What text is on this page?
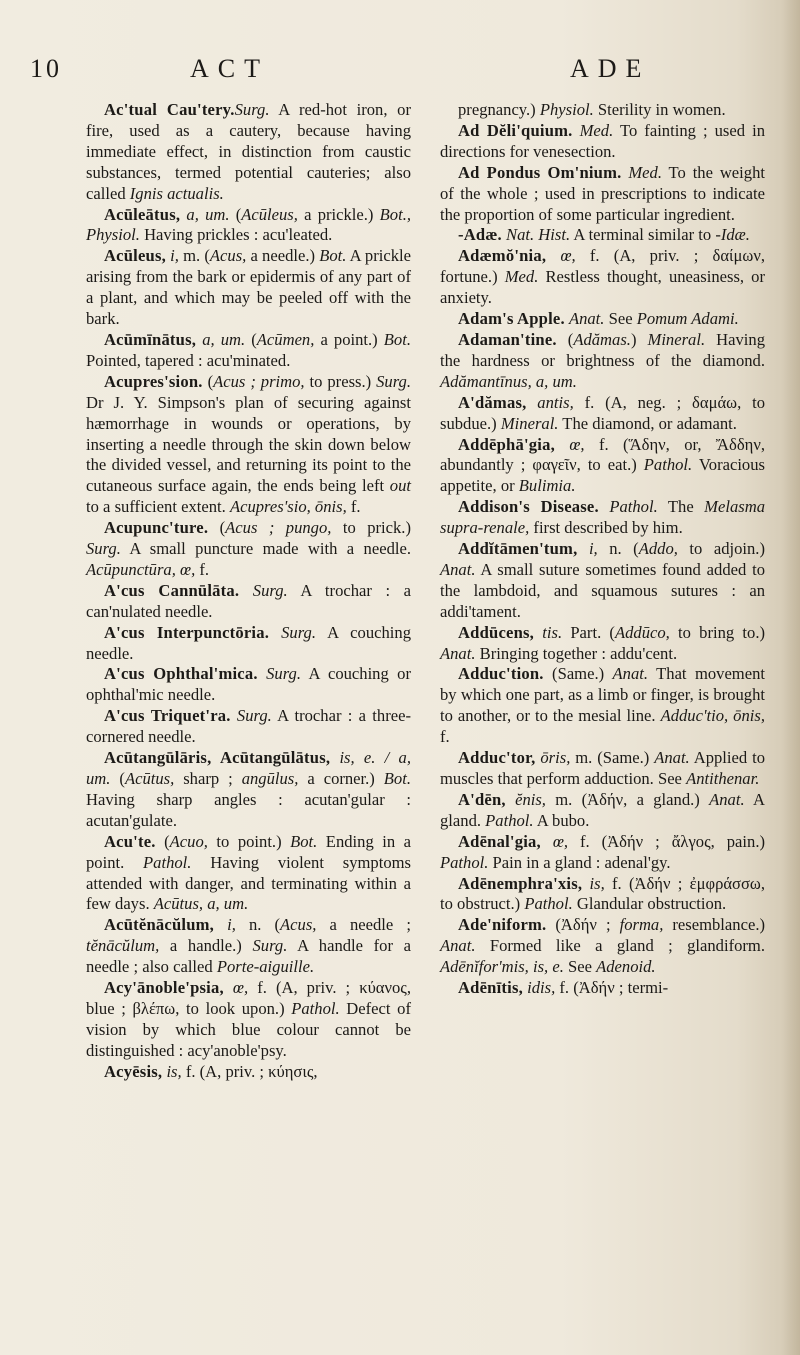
10	ACT	ADE
Ac'tual Cau'tery.Surg. A red-hot iron, or fire, used as a cautery, because having immediate effect, in distinction from caustic substances, termed potential cauteries; also called Ignis actualis.
Acūleātus, a, um. (Acūleus, a prickle.) Bot., Physiol. Having prickles : acu'leated.
Acūleus, i, m. (Acus, a needle.) Bot. A prickle arising from the bark or epidermis of any part of a plant, and which may be peeled off with the bark.
Acūmīnātus, a, um. (Acūmen, a point.) Bot. Pointed, tapered : acu'minated.
Acupres'sion. (Acus ; primo, to press.) Surg. Dr J. Y. Simpson's plan of securing against hæmorrhage in wounds or operations, by inserting a needle through the skin down below the divided vessel, and returning its point to the cutaneous surface again, the ends being left out to a sufficient extent. Acupres'sio, ōnis, f.
Acupunc'ture. (Acus ; pungo, to prick.) Surg. A small puncture made with a needle. Acūpunctūra, œ, f.
A'cus Cannūlāta. Surg. A trochar : a can'nulated needle.
A'cus Interpunctōria. Surg. A couching needle.
A'cus Ophthal'mica. Surg. A couching or ophthal'mic needle.
A'cus Triquet'ra. Surg. A trochar : a three-cornered needle.
Acūtangūlāris, Acūtangūlātus, is, e. / a, um. (Acūtus, sharp ; angūlus, a corner.) Bot. Having sharp angles : acutan'gular : acutan'gulate.
Acu'te. (Acuo, to point.) Bot. Ending in a point. Pathol. Having violent symptoms attended with danger, and terminating within a few days. Acūtus, a, um.
Acūtĕnācŭlum, i, n. (Acus, a needle ; tĕnācŭlum, a handle.) Surg. A handle for a needle ; also called Porte-aiguille.
Acy'ānoble'psia, œ, f. (A, priv. ; κύανος, blue ; βλέπω, to look upon.) Pathol. Defect of vision by which blue colour cannot be distinguished : acy'anoble'psy.
Acyēsis, is, f. (A, priv. ; κύησις,
pregnancy.) Physiol. Sterility in women.
Ad Dĕli'quium. Med. To fainting ; used in directions for venesection.
Ad Pondus Om'nium. Med. To the weight of the whole ; used in prescriptions to indicate the proportion of some particular ingredient.
-Adæ. Nat. Hist. A terminal similar to -Idæ.
Adæmŏ'nia, œ, f. (A, priv. ; δαίμων, fortune.) Med. Restless thought, uneasiness, or anxiety.
Adam's Apple. Anat. See Pomum Adami.
Adaman'tine. (Adămas.) Mineral. Having the hardness or brightness of the diamond. Adămantīnus, a, um.
A'dămas, antis, f. (A, neg. ; δαμάω, to subdue.) Mineral. The diamond, or adamant.
Addēphā'gia, œ, f. (Ἅδην, or, Ἄδδην, abundantly ; φαγεῖν, to eat.) Pathol. Voracious appetite, or Bulimia.
Addison's Disease. Pathol. The Melasma supra-renale, first described by him.
Addĭtāmen'tum, i, n. (Addo, to adjoin.) Anat. A small suture sometimes found added to the lambdoid, and squamous sutures : an addi'tament.
Addūcens, tis. Part. (Addūco, to bring to.) Anat. Bringing together : addu'cent.
Adduc'tion. (Same.) Anat. That movement by which one part, as a limb or finger, is brought to another, or to the mesial line. Adduc'tio, ōnis, f.
Adduc'tor, ōris, m. (Same.) Anat. Applied to muscles that perform adduction. See Antithenar.
A'dēn, ĕnis, m. (Ἀδήν, a gland.) Anat. A gland. Pathol. A bubo.
Adēnal'gia, œ, f. (Ἀδήν ; ἄλγος, pain.) Pathol. Pain in a gland : adenal'gy.
Adēnemphra'xis, is, f. (Ἀδήν ; ἐμφράσσω, to obstruct.) Pathol. Glandular obstruction.
Ade'niform. (Ἀδήν ; forma, resemblance.) Anat. Formed like a gland ; glandiform. Adēnĭfor'mis, is, e. See Adenoid.
Adēnītis, idis, f. (Ἀδήν ; termi-
